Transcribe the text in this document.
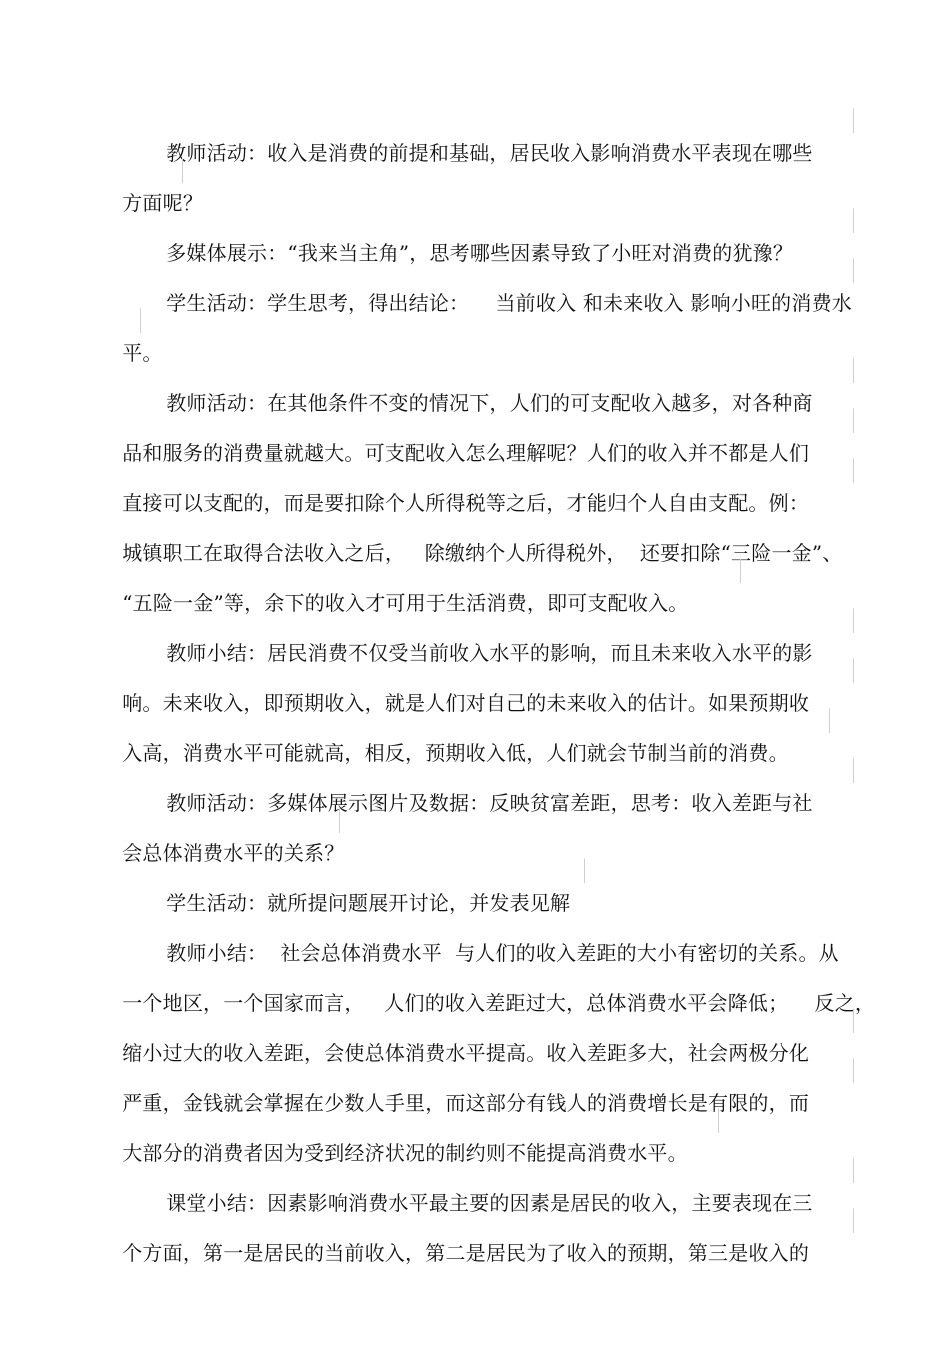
教师活动：收入是消费的前提和基础，居民收入影响消费水平表现在哪些

方面呢？

多媒体展示：“我来当主角”，思考哪些因素导致了小旺对消费的犹豫？

学生活动：学生思考，得出结论：    当前收入 和未来收入 影响小旺的消费水

平。

教师活动：在其他条件不变的情况下，人们的可支配收入越多，对各种商

品和服务的消费量就越大。可支配收入怎么理解呢？人们的收入并不都是人们

直接可以支配的，而是要扣除个人所得税等之后，才能归个人自由支配。例：

城镇职工在取得合法收入之后，   除缴纳个人所得税外，  还要扣除“三险一金”、

“五险一金”等，余下的收入才可用于生活消费，即可支配收入。

教师小结：居民消费不仅受当前收入水平的影响，而且未来收入水平的影

响。未来收入，即预期收入，就是人们对自己的未来收入的估计。如果预期收

入高，消费水平可能就高，相反，预期收入低，人们就会节制当前的消费。

教师活动：多媒体展示图片及数据：反映贫富差距，思考：收入差距与社

会总体消费水平的关系？

学生活动：就所提问题展开讨论，并发表见解

教师小结：  社会总体消费水平  与人们的收入差距的大小有密切的关系。从

一个地区，一个国家而言，   人们的收入差距过大，总体消费水平会降低；    反之，

缩小过大的收入差距，会使总体消费水平提高。收入差距多大，社会两极分化

严重，金钱就会掌握在少数人手里，而这部分有钱人的消费增长是有限的，而

大部分的消费者因为受到经济状况的制约则不能提高消费水平。

课堂小结：因素影响消费水平最主要的因素是居民的收入，主要表现在三

个方面，第一是居民的当前收入，第二是居民为了收入的预期，第三是收入的
